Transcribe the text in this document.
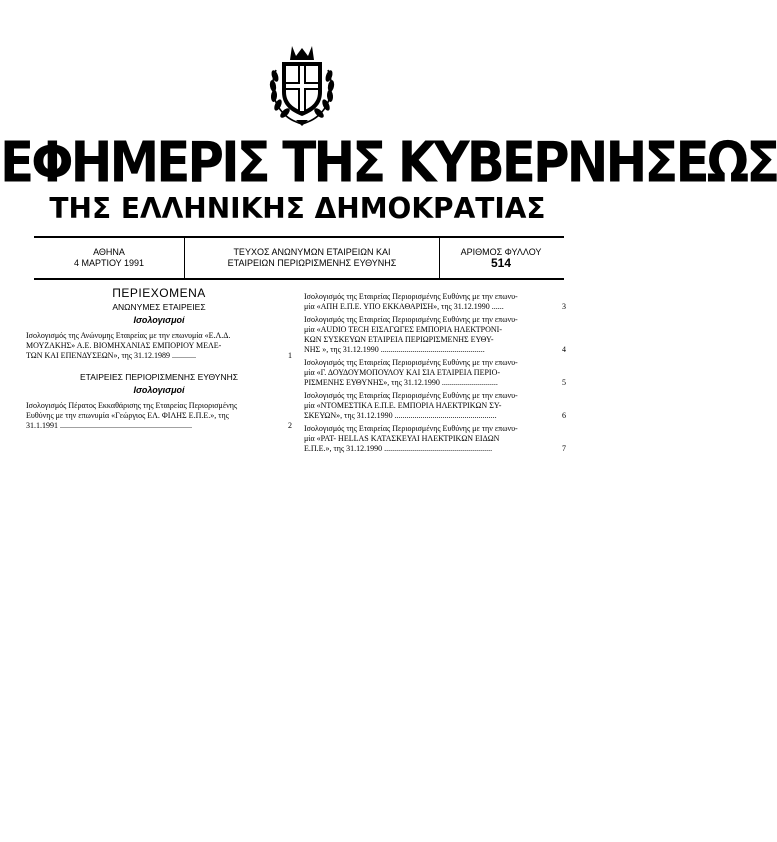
ΕΦΗΜΕΡΙΣ ΤΗΣ ΚΥΒΕΡΝΗΣΕΩΣ
ΤΗΣ ΕΛΛΗΝΙΚΗΣ ΔΗΜΟΚΡΑΤΙΑΣ
ΑΘΗΝΑ
4 ΜΑΡΤΙΟΥ 1991
ΤΕΥΧΟΣ ΑΝΩΝΥΜΩΝ ΕΤΑΙΡΕΙΩΝ ΚΑΙ
ΕΤΑΙΡΕΙΩΝ ΠΕΡΙΩΡΙΣΜΕΝΗΣ ΕΥΘΥΝΗΣ
ΑΡΙΘΜΟΣ ΦΥΛΛΟΥ
514
ΠΕΡΙΕΧΟΜΕΝΑ
ΑΝΩΝΥΜΕΣ ΕΤΑΙΡΕΙΕΣ
Ισολογισμοί
Ισολογισμός της Ανώνυμης Εταιρείας με την επωνυμία «Ε.Λ.Δ.
ΜΟΥΖΑΚΗΣ» Α.Ε. ΒΙΟΜΗΧΑΝΙΑΣ ΕΜΠΟΡΙΟΥ ΜΕΛΕ-
ΤΩΝ ΚΑΙ ΕΠΕΝΔΥΣΕΩΝ», της 31.12.1989 ............	1
ΕΤΑΙΡΕΙΕΣ ΠΕΡΙΟΡΙΣΜΕΝΗΣ ΕΥΘΥΝΗΣ
Ισολογισμοί
Ισολογισμός Πέρατος Εκκαθάρισης της Εταιρείας Περιορισμένης
Ευθύνης με την επωνυμία «Γεώργιος ΕΛ. ΦΙΛΗΣ Ε.Π.Ε.», της
31.1.1991 ..................................................................	2
Ισολογισμός της Εταιρείας Περιορισμένης Ευθύνης με την επωνυ-
μία «ΑΠΗ Ε.Π.Ε. ΥΠΟ ΕΚΚΑΘΑΡΙΣΗ», της 31.12.1990 ......	3
Ισολογισμός της Εταιρείας Περιορισμένης Ευθύνης με την επωνυ-
μία «AUDIO TECH ΕΙΣΑΓΩΓΕΣ ΕΜΠΟΡΙΑ ΗΛΕΚΤΡΟΝΙ-
ΚΩΝ ΣΥΣΚΕΥΩΝ ΕΤΑΙΡΕΙΑ ΠΕΡΙΩΡΙΣΜΕΝΗΣ ΕΥΘΥ-
ΝΗΣ », της 31.12.1990 ....................................................	4
Ισολογισμός της Εταιρείας Περιορισμένης Ευθύνης με την επωνυ-
μία «Γ. ΔΟΥΔΟΥΜΟΠΟΥΛΟΥ ΚΑΙ ΣΙΑ ΕΤΑΙΡΕΙΑ ΠΕΡΙΟ-
ΡΙΣΜΕΝΗΣ ΕΥΘΥΝΗΣ», της 31.12.1990 ............................	5
Ισολογισμός της Εταιρείας Περιορισμένης Ευθύνης με την επωνυ-
μία «ΝΤΟΜΕΣΤΙΚΑ Ε.Π.Ε. ΕΜΠΟΡΙΑ ΗΛΕΚΤΡΙΚΩΝ ΣΥ-
ΣΚΕΥΩΝ», της 31.12.1990 ...................................................	6
Ισολογισμός της Εταιρείας Περιορισμένης Ευθύνης με την επωνυ-
μία «PAT- HELLAS ΚΑΤΑΣΚΕΥΑΙ ΗΛΕΚΤΡΙΚΩΝ ΕΙΔΩΝ
Ε.Π.Ε.», της 31.12.1990 ......................................................	7
